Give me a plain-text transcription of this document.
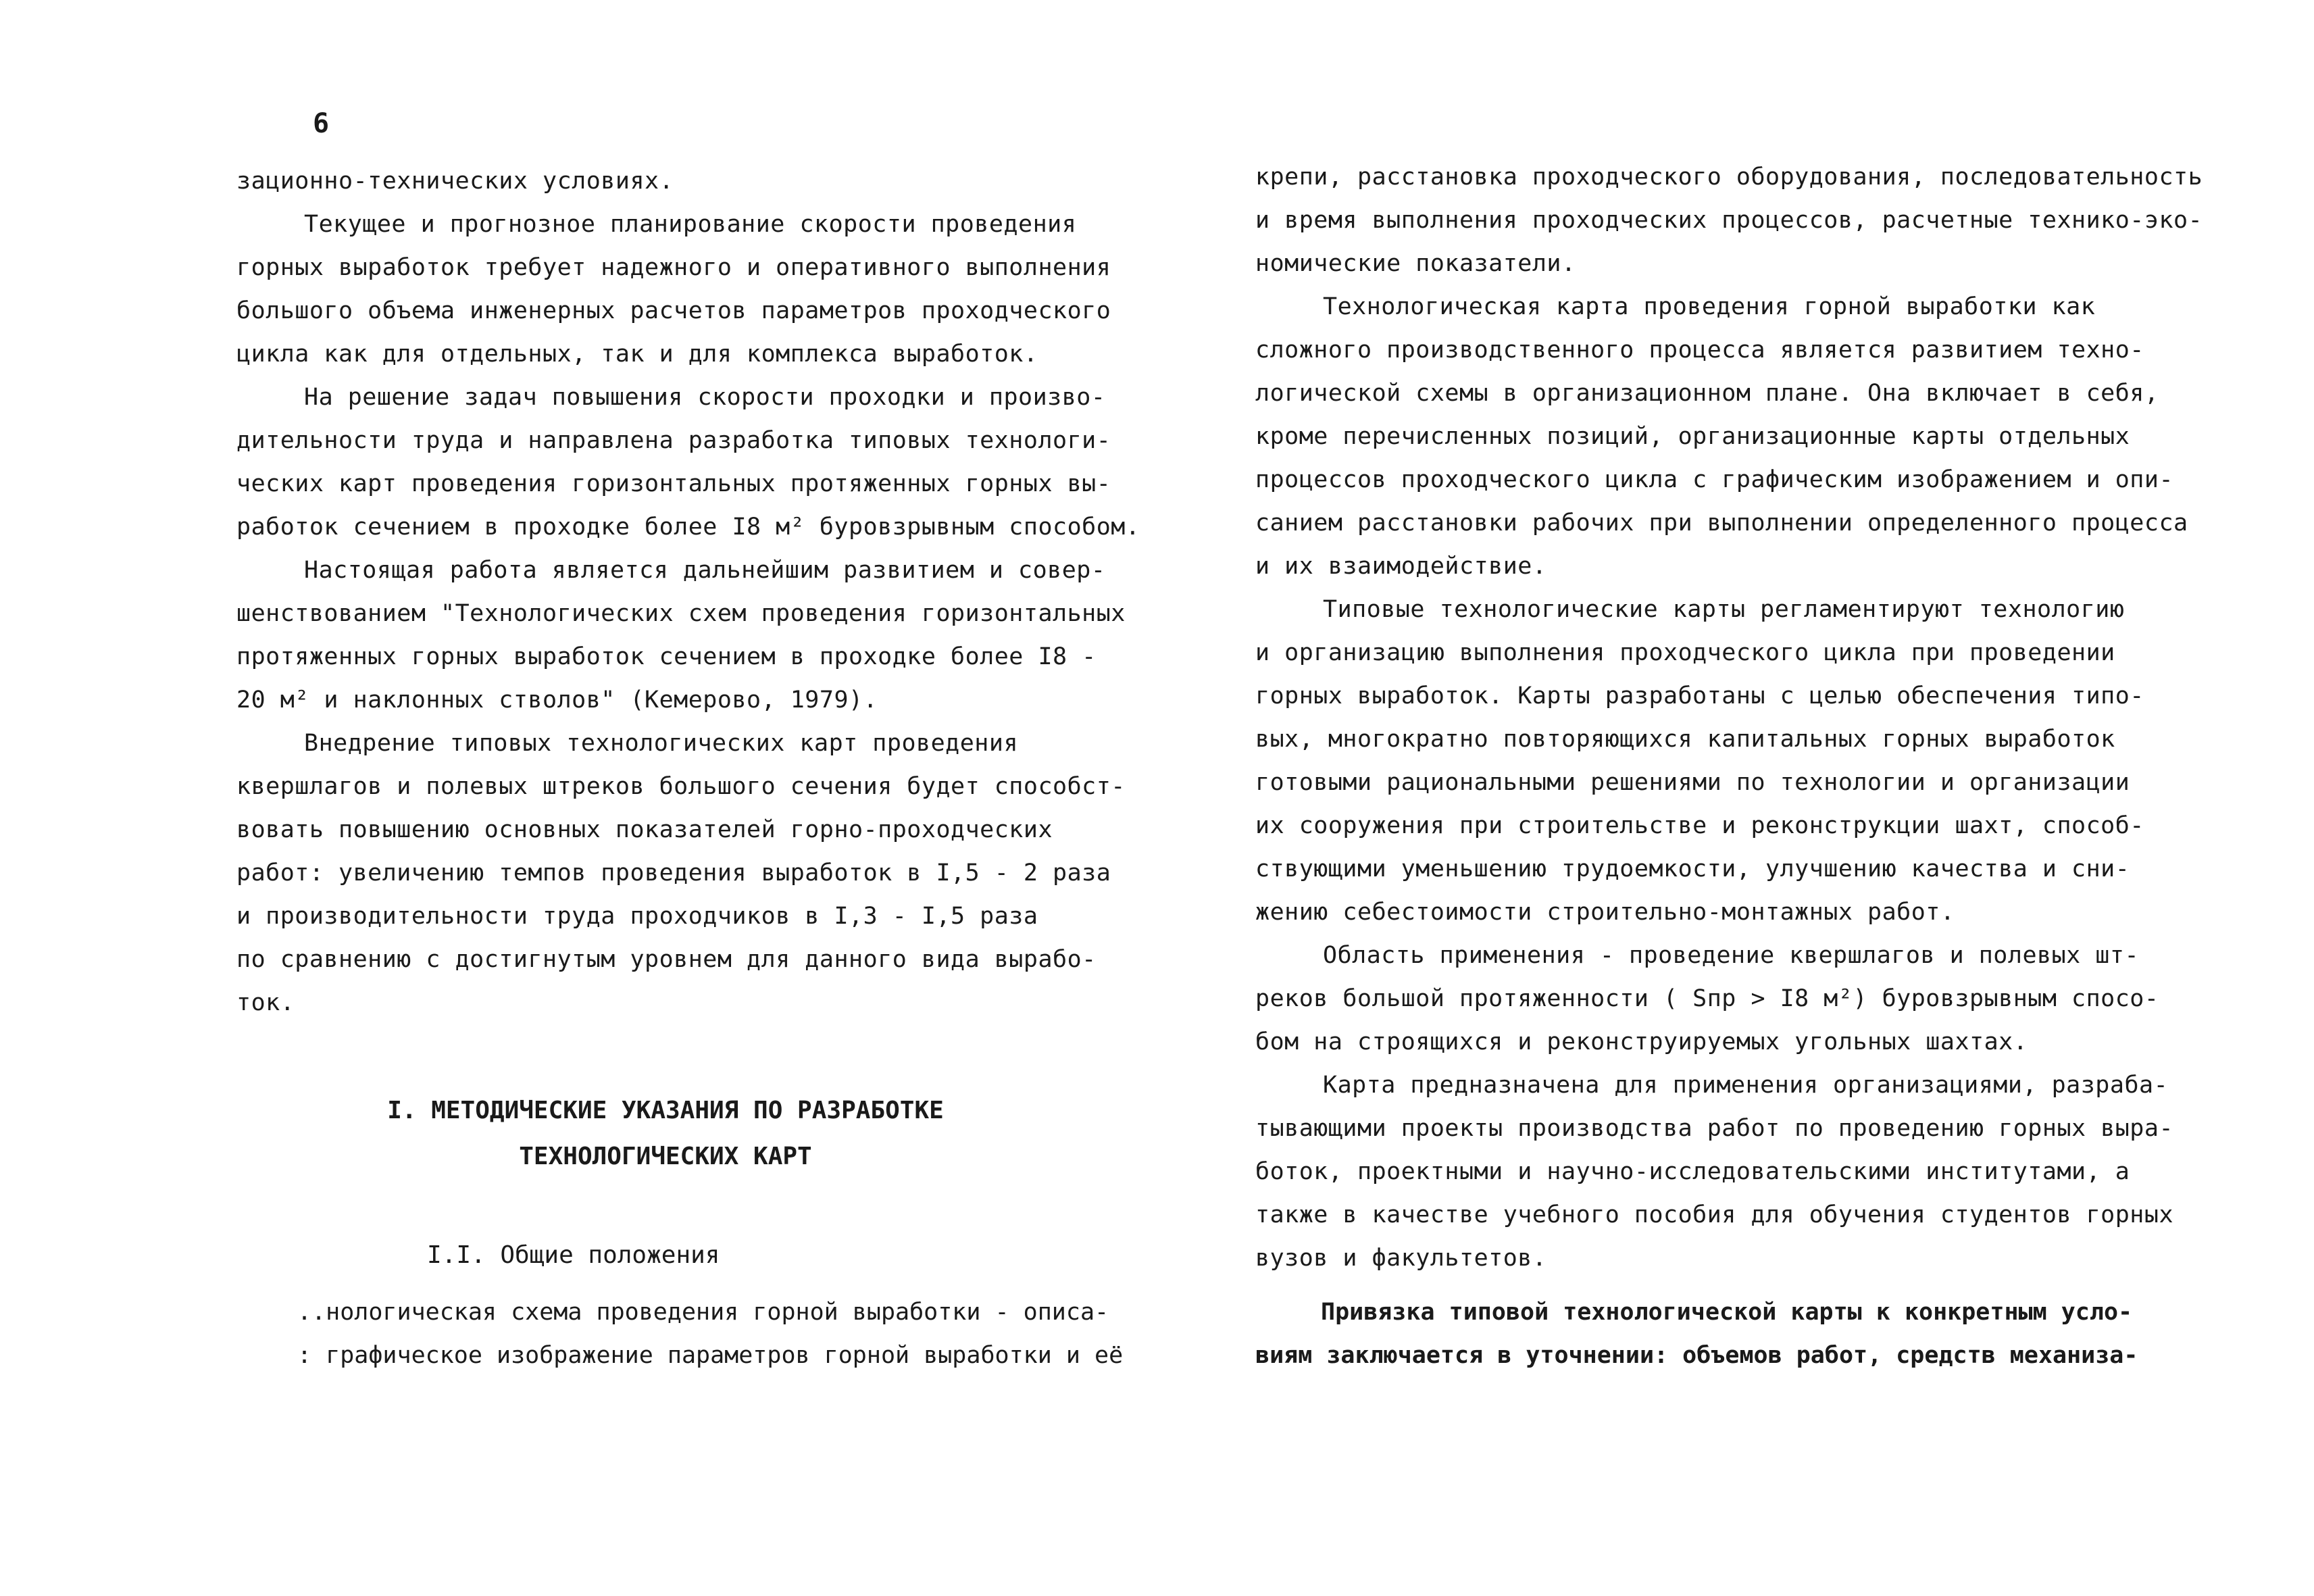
6
зационно-технических условиях.
Текущее и прогнозное планирование скорости проведения
горных выработок требует надежного и оперативного выполнения
большого объема инженерных расчетов параметров проходческого
цикла как для отдельных, так и для комплекса выработок.
На решение задач повышения скорости проходки и произво-
дительности труда и направлена разработка типовых технологи-
ческих карт проведения горизонтальных протяженных горных вы-
работок сечением в проходке более I8 м² буровзрывным способом.
Настоящая работа является дальнейшим развитием и совер-
шенствованием "Технологических схем проведения горизонтальных
протяженных горных выработок сечением в проходке более I8 -
20 м² и наклонных стволов" (Кемерово, 1979).
Внедрение типовых технологических карт проведения
квершлагов и полевых штреков большого сечения будет способст-
вовать повышению основных показателей горно-проходческих
работ: увеличению темпов проведения выработок в I,5 - 2 раза
и производительности труда проходчиков в I,3 - I,5 раза
по сравнению с достигнутым уровнем для данного вида вырабо-
ток.
I. МЕТОДИЧЕСКИЕ УКАЗАНИЯ ПО РАЗРАБОТКЕ
ТЕХНОЛОГИЧЕСКИХ КАРТ
I.I. Общие положения
..нологическая схема проведения горной выработки - описа-
: графическое изображение параметров горной выработки и её
крепи, расстановка проходческого оборудования, последовательность
и время выполнения проходческих процессов, расчетные технико-эко-
номические показатели.
Технологическая карта проведения горной выработки как
сложного производственного процесса является развитием техно-
логической схемы в организационном плане. Она включает в себя,
кроме перечисленных позиций, организационные карты отдельных
процессов проходческого цикла с графическим изображением и опи-
санием расстановки рабочих при выполнении определенного процесса
и их взаимодействие.
Типовые технологические карты регламентируют технологию
и организацию выполнения проходческого цикла при проведении
горных выработок. Карты разработаны с целью обеспечения типо-
вых, многократно повторяющихся капитальных горных выработок
готовыми рациональными решениями по технологии и организации
их сооружения при строительстве и реконструкции шахт, способ-
ствующими уменьшению трудоемкости, улучшению качества и сни-
жению себестоимости строительно-монтажных работ.
Область применения - проведение квершлагов и полевых шт-
реков большой протяженности ( Sпр > I8 м²) буровзрывным спосо-
бом на строящихся и реконструируемых угольных шахтах.
Карта предназначена для применения организациями, разраба-
тывающими проекты производства работ по проведению горных выра-
боток, проектными и научно-исследовательскими институтами, а
также в качестве учебного пособия для обучения студентов горных
вузов и факультетов.
Привязка типовой технологической карты к конкретным усло-
виям заключается в уточнении: объемов работ, средств механиза-
